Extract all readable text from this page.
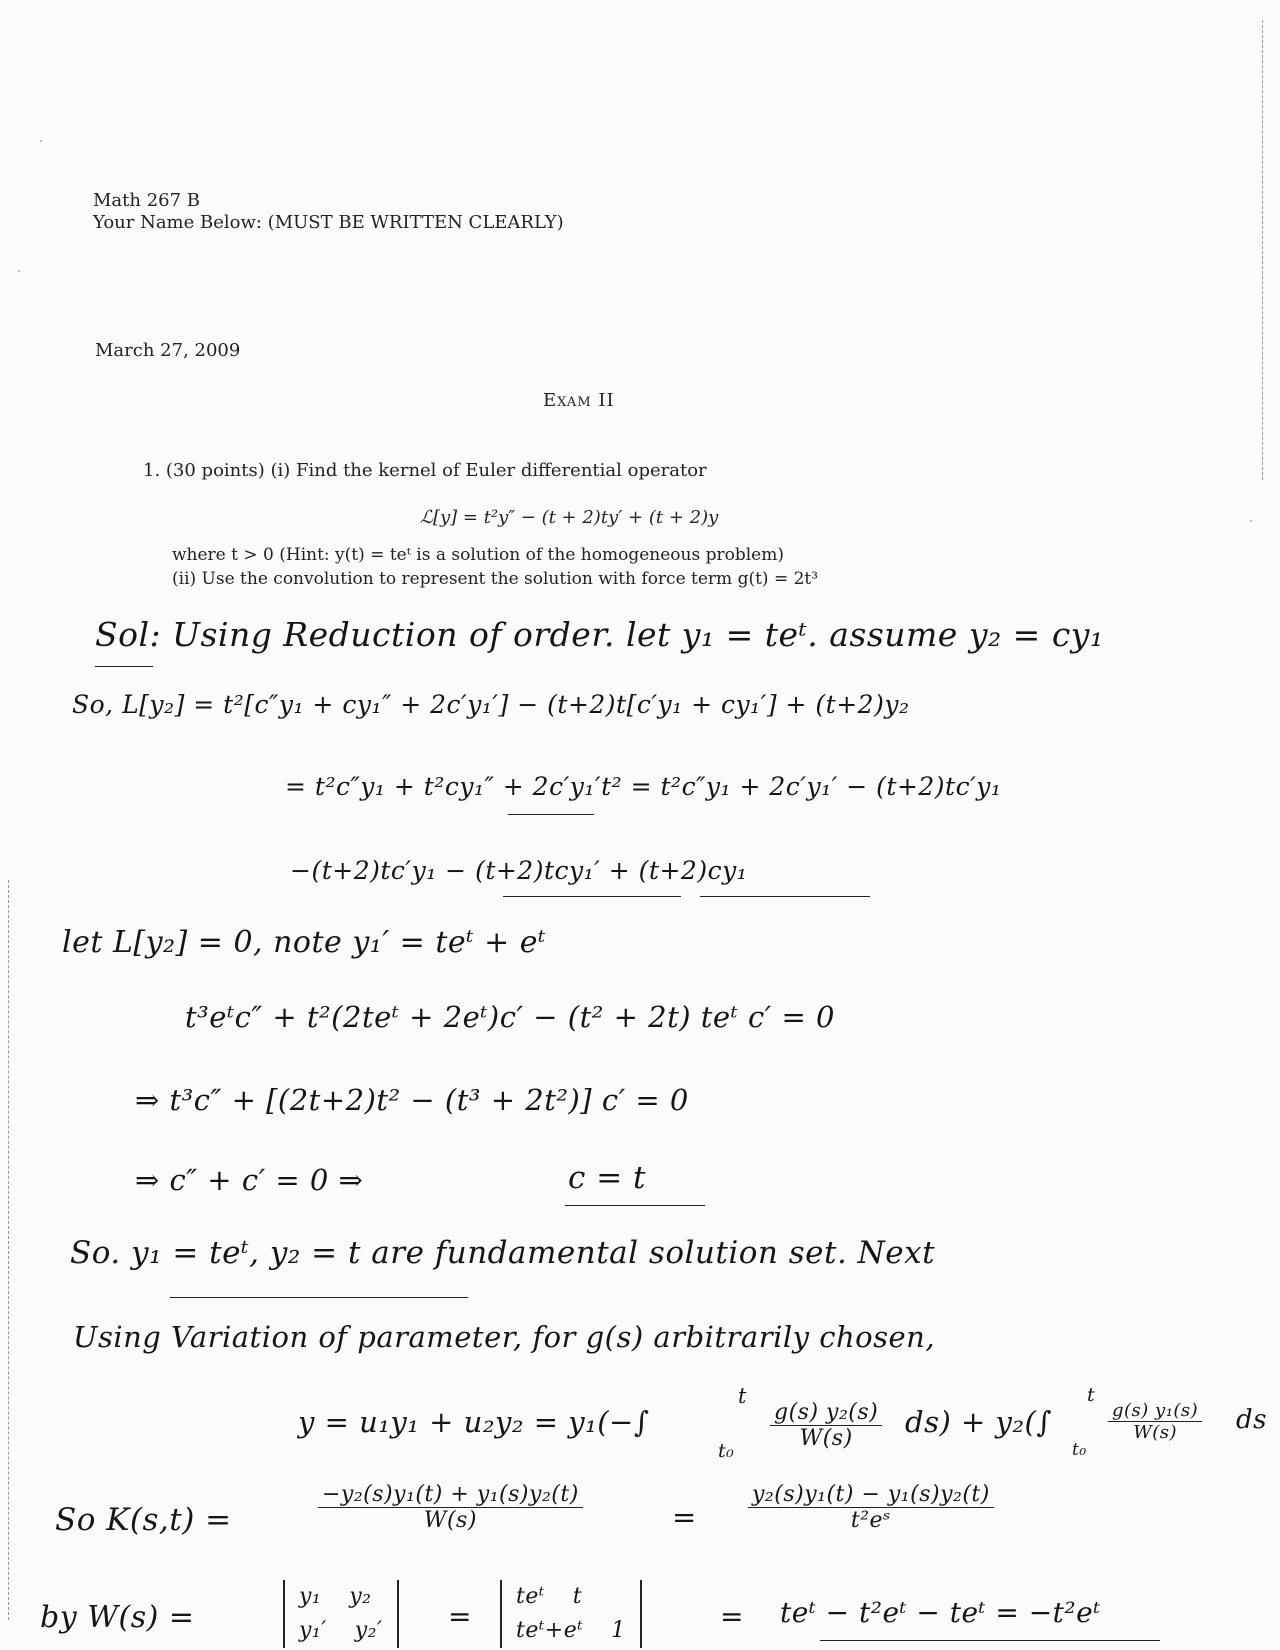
Math 267 B
Your Name Below: (MUST BE WRITTEN CLEARLY)
March 27, 2009
Exam II
1. (30 points) (i) Find the kernel of Euler differential operator
ℒ[y] = t²y″ − (t + 2)ty′ + (t + 2)y
where t > 0 (Hint: y(t) = teᵗ is a solution of the homogeneous problem)
(ii) Use the convolution to represent the solution with force term g(t) = 2t³
Sol: Using Reduction of order. let y₁ = teᵗ. assume y₂ = cy₁
So, L[y₂] = t²[c″y₁ + cy₁″ + 2c′y₁′] − (t+2)t[c′y₁ + cy₁′] + (t+2)y₂
= t²c″y₁ + t²cy₁″ + 2c′y₁′t² = t²c″y₁ + 2c′y₁′ − (t+2)tc′y₁
−(t+2)tc′y₁ − (t+2)tcy₁′ + (t+2)cy₁
let L[y₂] = 0, note y₁′ = teᵗ + eᵗ
t³eᵗc″ + t²(2teᵗ + 2eᵗ)c′ − (t² + 2t) teᵗ c′ = 0
⇒ t³c″ + [(2t+2)t² − (t³ + 2t²)] c′ = 0
⇒ c″ + c′ = 0 ⇒	c = t
So. y₁ = teᵗ, y₂ = t are fundamental solution set. Next
Using Variation of parameter, for g(s) arbitrarily chosen,
y = u₁y₁ + u₂y₂ = y₁(−∫
t
$t_0 \frac{\text{g(s) y₂(s)}}{W(s)} ds) + y_2(\int$
t
t₀
$\frac{\text{g(s) y₁(s)}}{W(s)}$ ds
So K(s,t) =	$\frac{\text{−y₂(s)y₁(t) + y₁(s)y₂(t)}}{W(s)}$	= $\frac{\text{y₂(s)y₁(t) − y₁(s)y₂(t)}}{\text{t²eˢ}}$
by W(s) =
y₁ y₂
y₁′ y₂′ =
teᵗ t
teᵗ+eᵗ 1	= teᵗ − t²eᵗ − teᵗ = −t²eᵗ
